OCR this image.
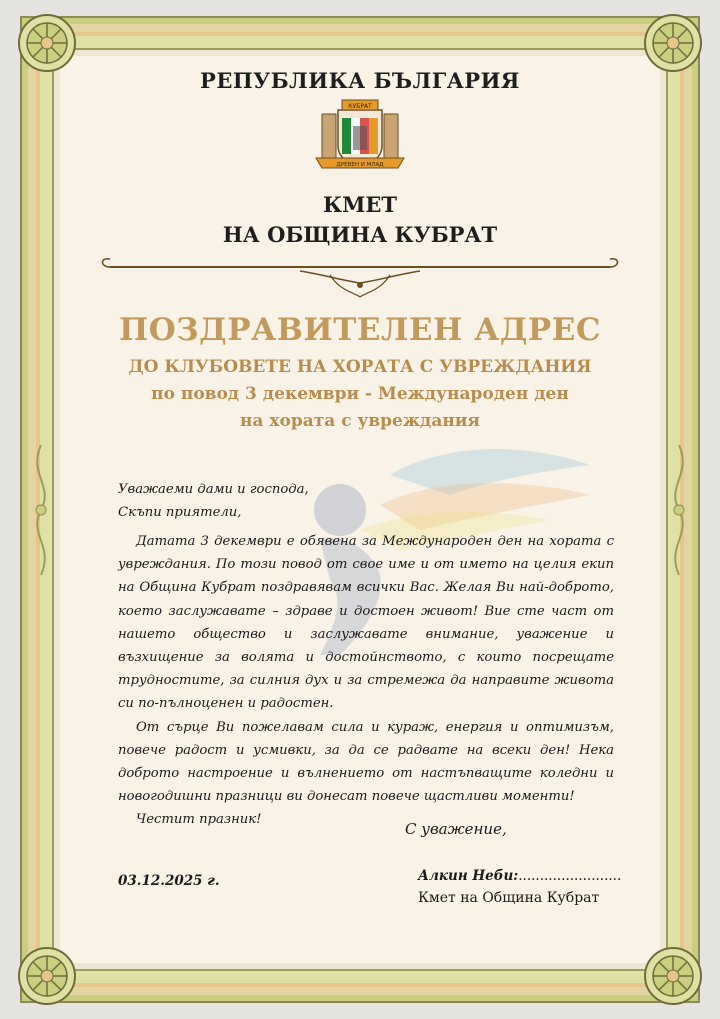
РЕПУБЛИКА БЪЛГАРИЯ
КУБРАТ
ДРЕВЕН И МЛАД
КМЕТ
НА ОБЩИНА КУБРАТ
ПОЗДРАВИТЕЛЕН АДРЕС
ДО КЛУБОВЕТЕ НА ХОРАТА С УВРЕЖДАНИЯ
по повод 3 декември - Международен ден
на хората с увреждания
Уважаеми дами и господа,
Скъпи приятели,

Датата 3 декември е обявена за Международен ден на хората с увреждания. По този повод от свое име и от името на целия екип на Община Кубрат поздравявам всички Вас. Желая Ви най-доброто, което заслужавате – здраве и достоен живот! Вие сте част от нашето общество и заслужавате внимание, уважение и възхищение за волята и достойнството, с които посрещате трудностите, за силния дух и за стремежа да направите живота си по-пълноценен и радостен.

От сърце Ви пожелавам сила и кураж, енергия и оптимизъм, повече радост и усмивки, за да се радвате на всеки ден! Нека доброто настроение и вълнението от настъпващите коледни и новогодишни празници ви донесат повече щастливи моменти!

Честит празник!

С уважение,
03.12.2025 г.	Алкин Неби:........................
Кмет на Община Кубрат
